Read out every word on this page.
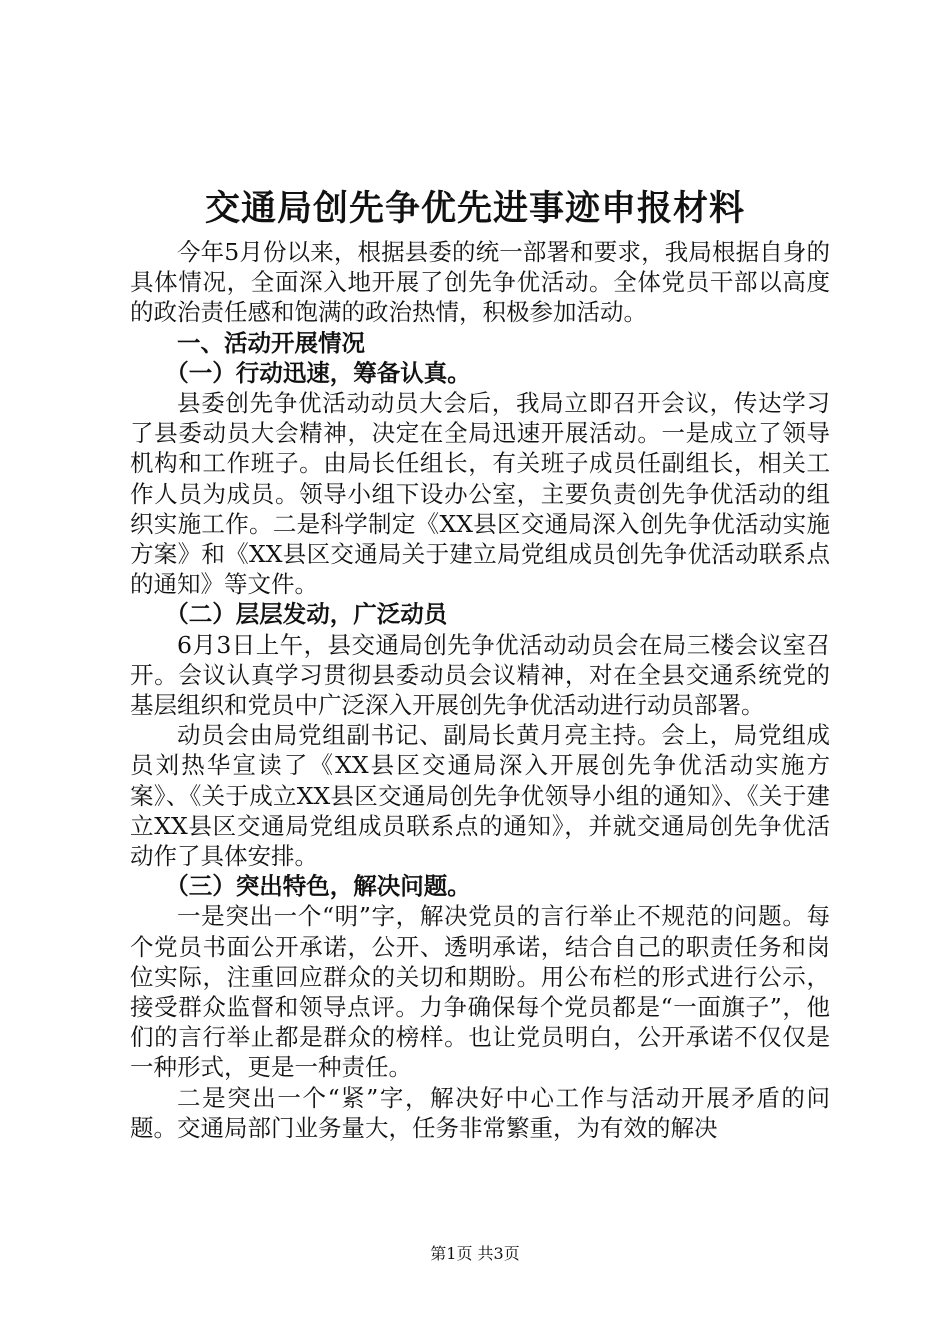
交通局创先争优先进事迹申报材料

今年5月份以来，根据县委的统一部署和要求，我局根据自身的具体情况，全面深入地开展了创先争优活动。全体党员干部以高度的政治责任感和饱满的政治热情，积极参加活动。

一、活动开展情况

（一）行动迅速，筹备认真。

县委创先争优活动动员大会后，我局立即召开会议，传达学习了县委动员大会精神，决定在全局迅速开展活动。一是成立了领导机构和工作班子。由局长任组长，有关班子成员任副组长，相关工作人员为成员。领导小组下设办公室，主要负责创先争优活动的组织实施工作。二是科学制定《XX县区交通局深入创先争优活动实施方案》和《XX县区交通局关于建立局党组成员创先争优活动联系点的通知》等文件。

（二）层层发动，广泛动员

6月3日上午，县交通局创先争优活动动员会在局三楼会议室召开。会议认真学习贯彻县委动员会议精神，对在全县交通系统党的基层组织和党员中广泛深入开展创先争优活动进行动员部署。

动员会由局党组副书记、副局长黄月亮主持。会上，局党组成员刘热华宣读了《XX县区交通局深入开展创先争优活动实施方案》、《关于成立XX县区交通局创先争优领导小组的通知》、《关于建立XX县区交通局党组成员联系点的通知》，并就交通局创先争优活动作了具体安排。

（三）突出特色，解决问题。

一是突出一个“明”字，解决党员的言行举止不规范的问题。每个党员书面公开承诺，公开、透明承诺，结合自己的职责任务和岗位实际，注重回应群众的关切和期盼。用公布栏的形式进行公示，接受群众监督和领导点评。力争确保每个党员都是“一面旗子”，他们的言行举止都是群众的榜样。也让党员明白，公开承诺不仅仅是一种形式，更是一种责任。

二是突出一个“紧”字，解决好中心工作与活动开展矛盾的问题。交通局部门业务量大，任务非常繁重，为有效的解决

第1页 共3页
